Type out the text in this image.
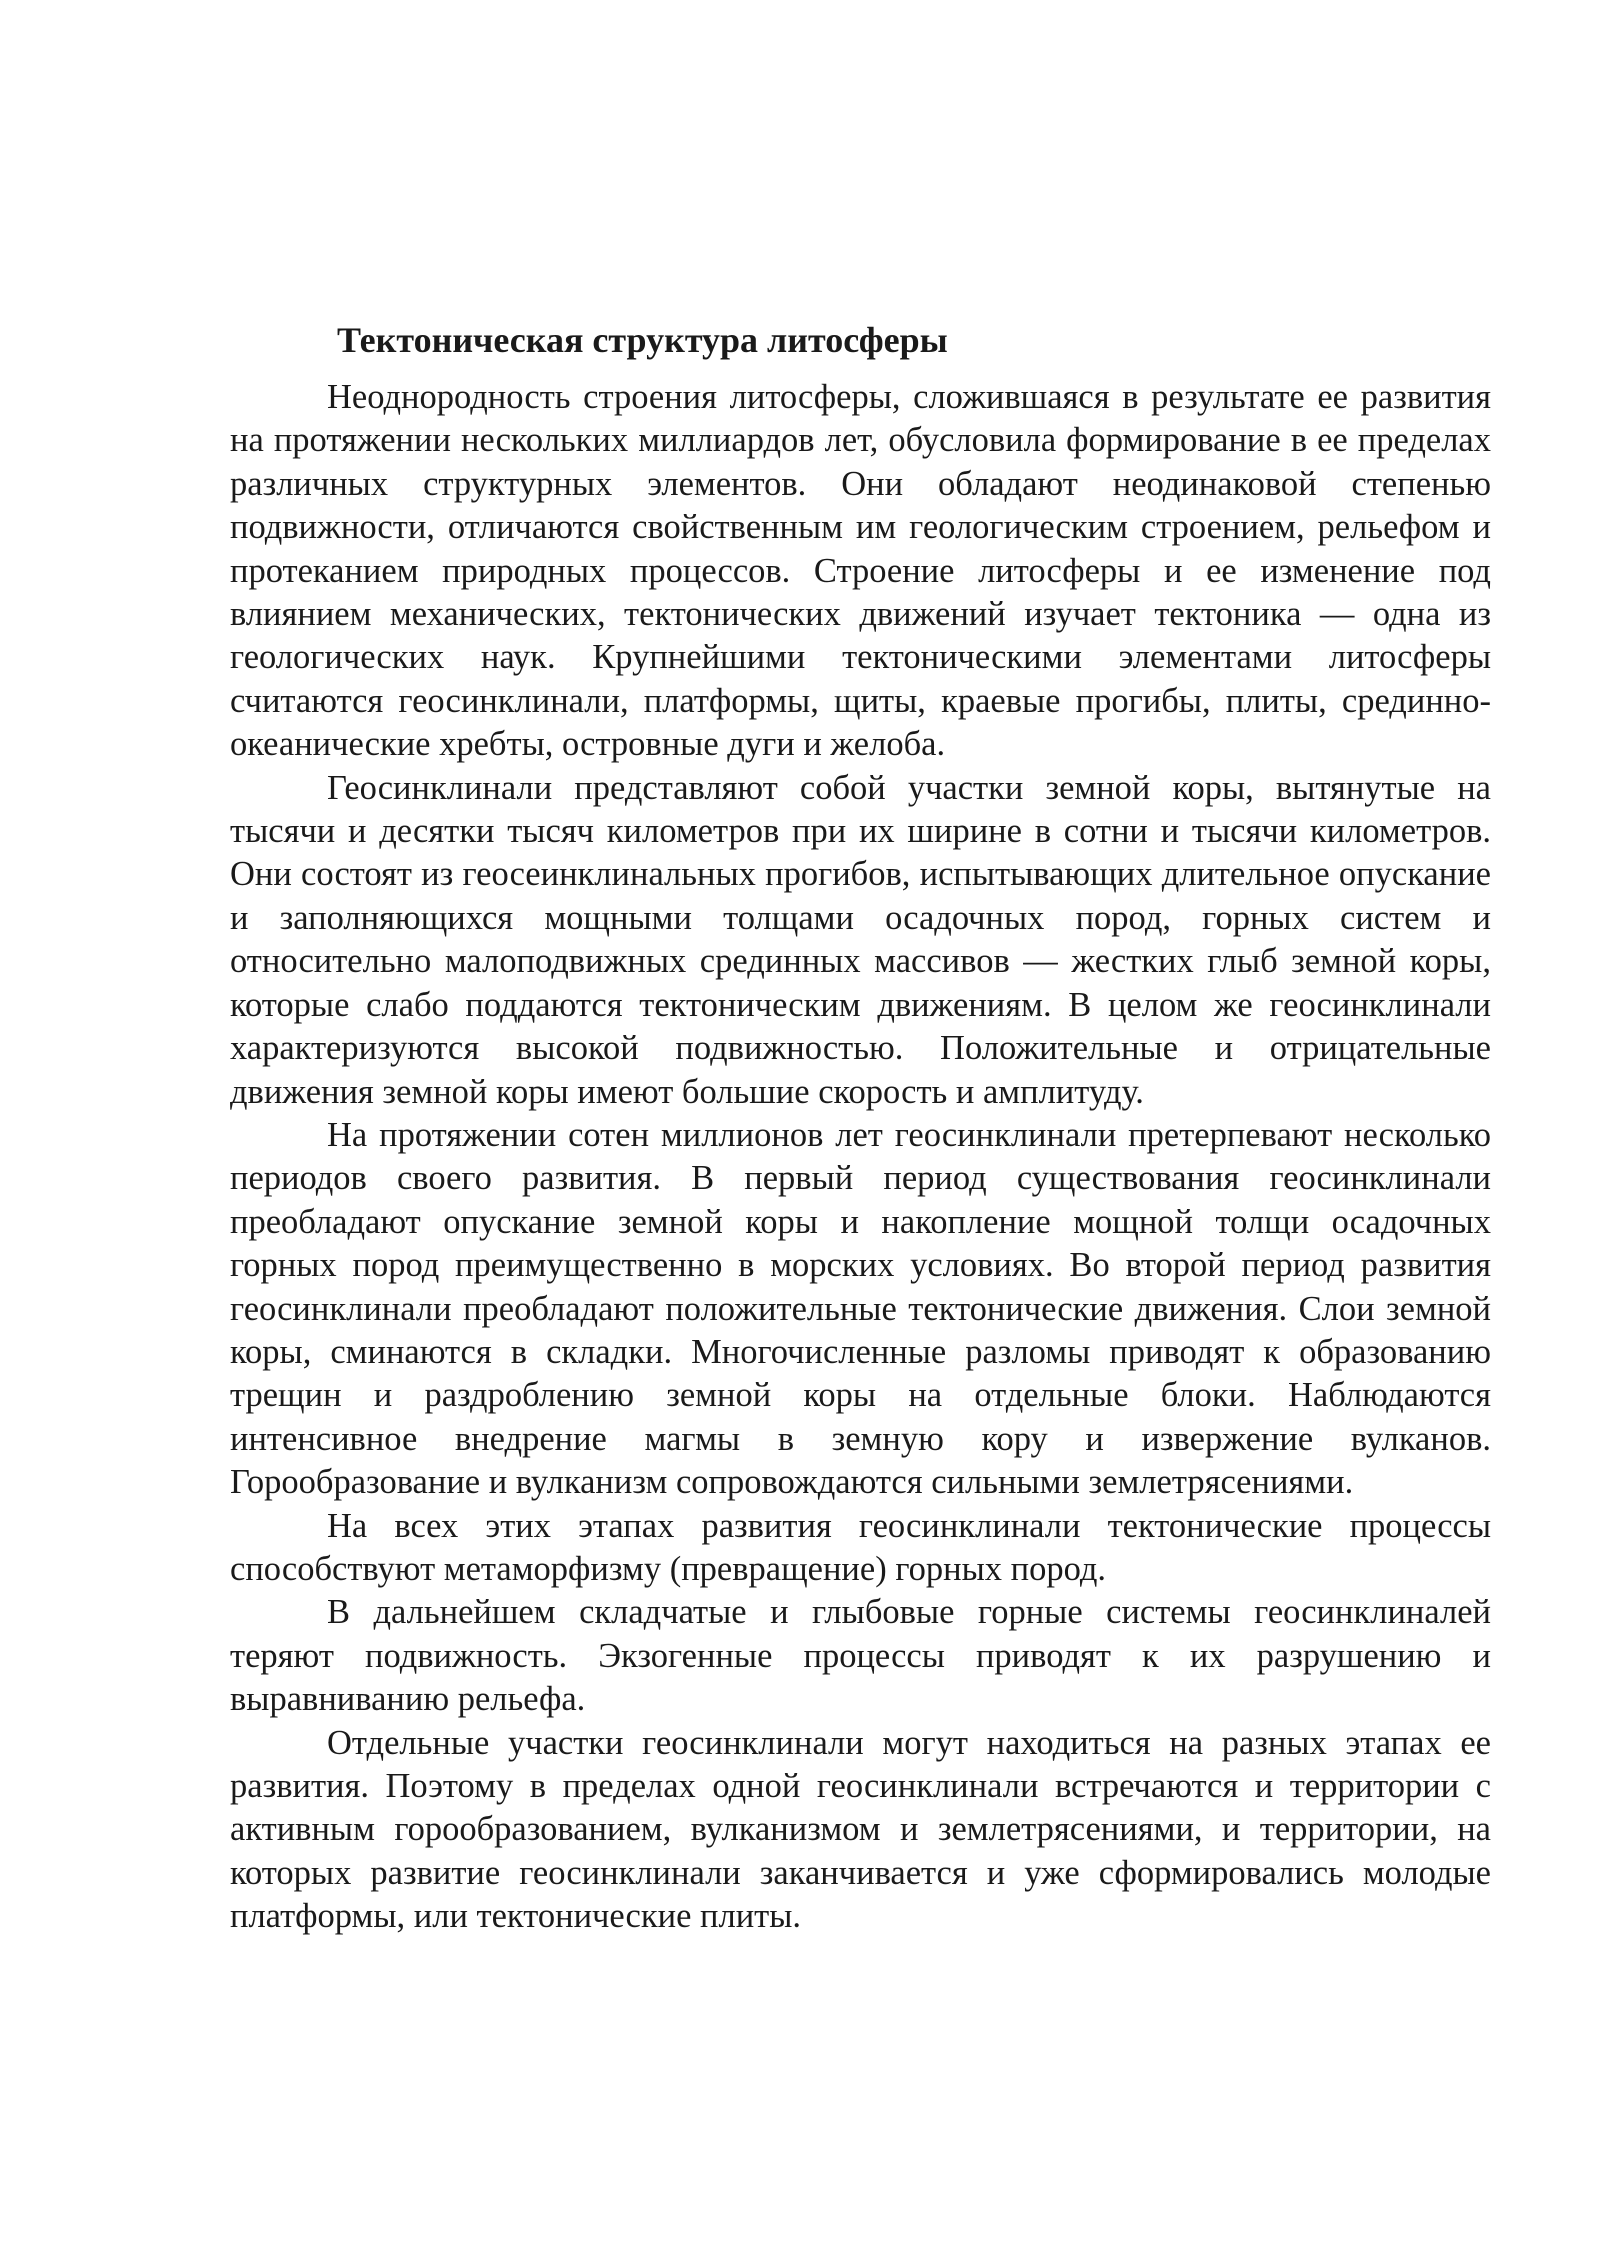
Тектоническая структура литосферы

Неоднородность строения литосферы, сложившаяся в результате ее развития на протяжении нескольких миллиардов лет, обусловила формирование в ее пределах различных структурных элементов. Они обладают неодинаковой степенью подвижности, отличаются свойственным им геологическим строением, рельефом и протеканием природных процессов. Строение литосферы и ее изменение под влиянием механических, тектонических движений изучает тектоника — одна из геологических наук. Крупнейшими тектоническими элементами литосферы считаются геосинклинали, платформы, щиты, краевые прогибы, плиты, срединно-океанические хребты, островные дуги и желоба.

Геосинклинали представляют собой участки земной коры, вытянутые на тысячи и десятки тысяч километров при их ширине в сотни и тысячи километров. Они состоят из геосеинклинальных прогибов, испытывающих длительное опускание и заполняющихся мощными толщами осадочных пород, горных систем и относительно малоподвижных срединных массивов — жестких глыб земной коры, которые слабо поддаются тектоническим движениям. В целом же геосинклинали характеризуются высокой подвижностью. Положительные и отрицательные движения земной коры имеют большие скорость и амплитуду.

На протяжении сотен миллионов лет геосинклинали претерпевают несколько периодов своего развития. В первый период существования геосинклинали преобладают опускание земной коры и накопление мощной толщи осадочных горных пород преимущественно в морских условиях. Во второй период развития геосинклинали преобладают положительные тектонические движения. Слои земной коры, сминаются в складки. Многочисленные разломы приводят к образованию трещин и раздроблению земной коры на отдельные блоки. Наблюдаются интенсивное внедрение магмы в земную кору и извержение вулканов. Горообразование и вулканизм сопровождаются сильными землетрясениями.

На всех этих этапах развития геосинклинали тектонические процессы способствуют метаморфизму (превращение) горных пород.

В дальнейшем складчатые и глыбовые горные системы геосинклиналей теряют подвижность. Экзогенные процессы приводят к их разрушению и выравниванию рельефа.

Отдельные участки геосинклинали могут находиться на разных этапах ее развития. Поэтому в пределах одной геосинклинали встречаются и территории с активным горообразованием, вулканизмом и землетрясениями, и территории, на которых развитие геосинклинали заканчивается и уже сформировались молодые платформы, или тектонические плиты.
